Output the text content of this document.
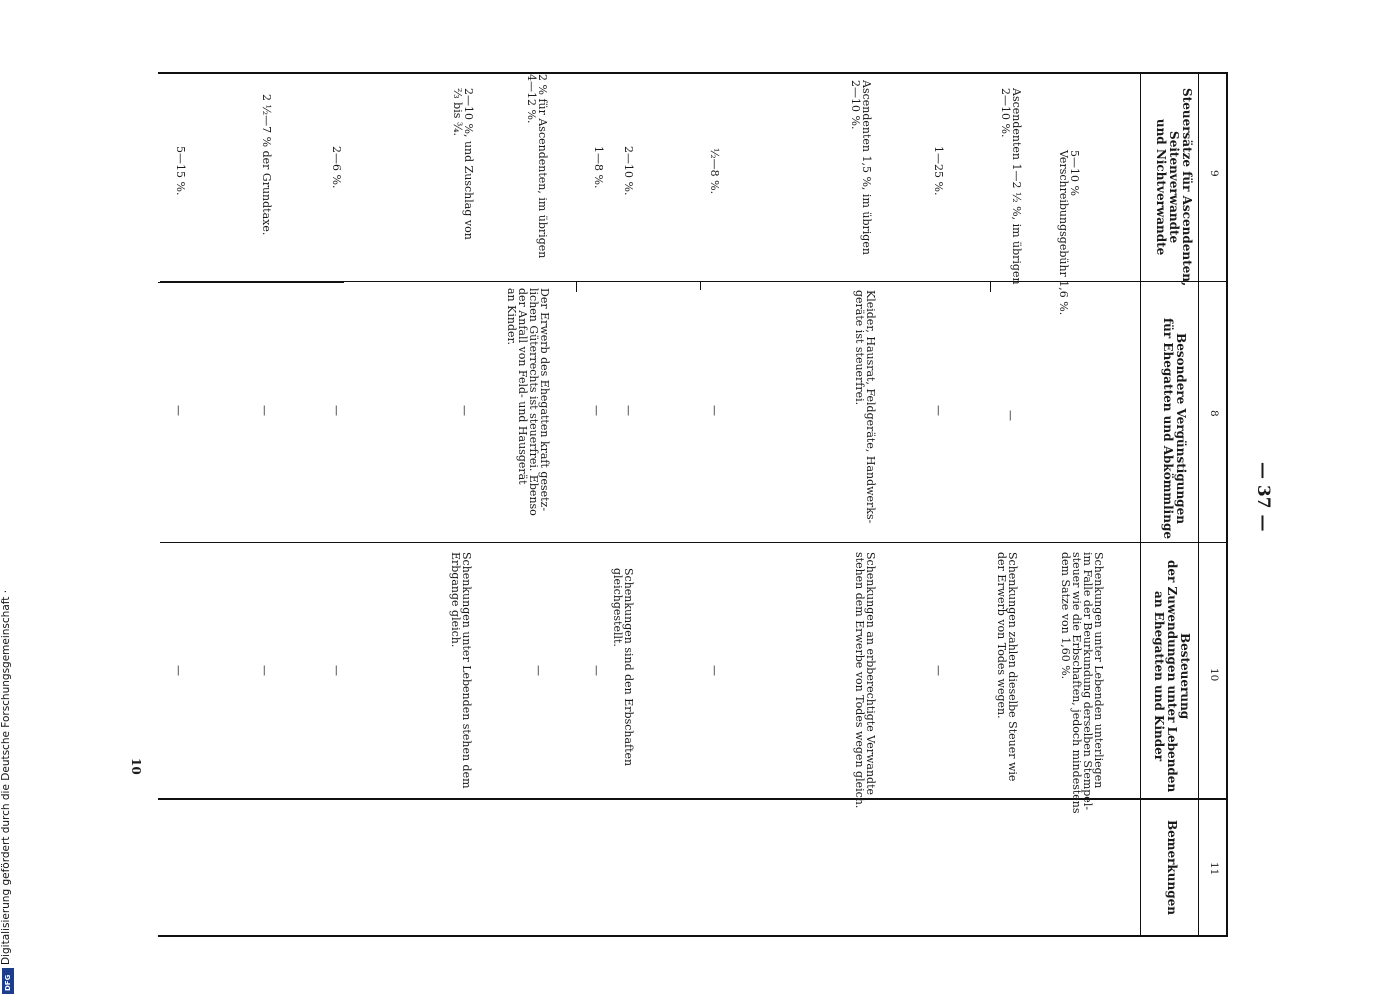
9
8
10
11
Steuersätze für Ascendenten,
Seitenverwandte
und Nichtverwandte
Besondere Vergünstigungen
für Ehegatten und Abkömmlinge
Besteuerung
der Zuwendungen unter Lebenden
an Ehegatten und Kinder
Bemerkungen
— 37 —
5—10 %
Verschreibungsgebühr 1,6 %.
Schenkungen unter Lebenden unterliegen
im Falle der Beurkundung derselben Stempel-
steuer wie die Erbschaften, jedoch mindestens
dem Satze von 1,60 %.
Ascendenten 1—2 ½ %, im übrigen
2—10 %.
—
Schenkungen zahlen dieselbe Steuer wie
der Erwerb von Todes wegen.
1—25 %.
—
—
Ascendenten 1,5 %, im übrigen
2—10 %.
Kleider, Hausrat, Feldgeräte, Handwerks-
geräte ist steuerfrei.
Schenkungen an erbberechtigte Verwandte
stehen dem Erwerbe von Todes wegen gleich.
½—8 %.
—
—
2—10 %.
—
Schenkungen sind den Erbschaften
gleichgestellt.
1—8 %.
—
—
2 % für Ascendenten, im übrigen
4—12 %.
Der Erwerb des Ehegatten kraft gesetz-
lichen Güterrechts ist steuerfrei. Ebenso
der Anfall von Feld- und Hausgerät
an Kinder.
—
2—10 %, und Zuschlag von
⅔ bis ¾.
—
Schenkungen unter Lebenden stehen dem
Erbgange gleich.
2—6 %.
—
—
2 ½—7 % der Grundtaxe.
—
—
5—15 %.
—
—
10
Digitalisierung gefördert durch die Deutsche Forschungsgemeinschaft ·
DFG
